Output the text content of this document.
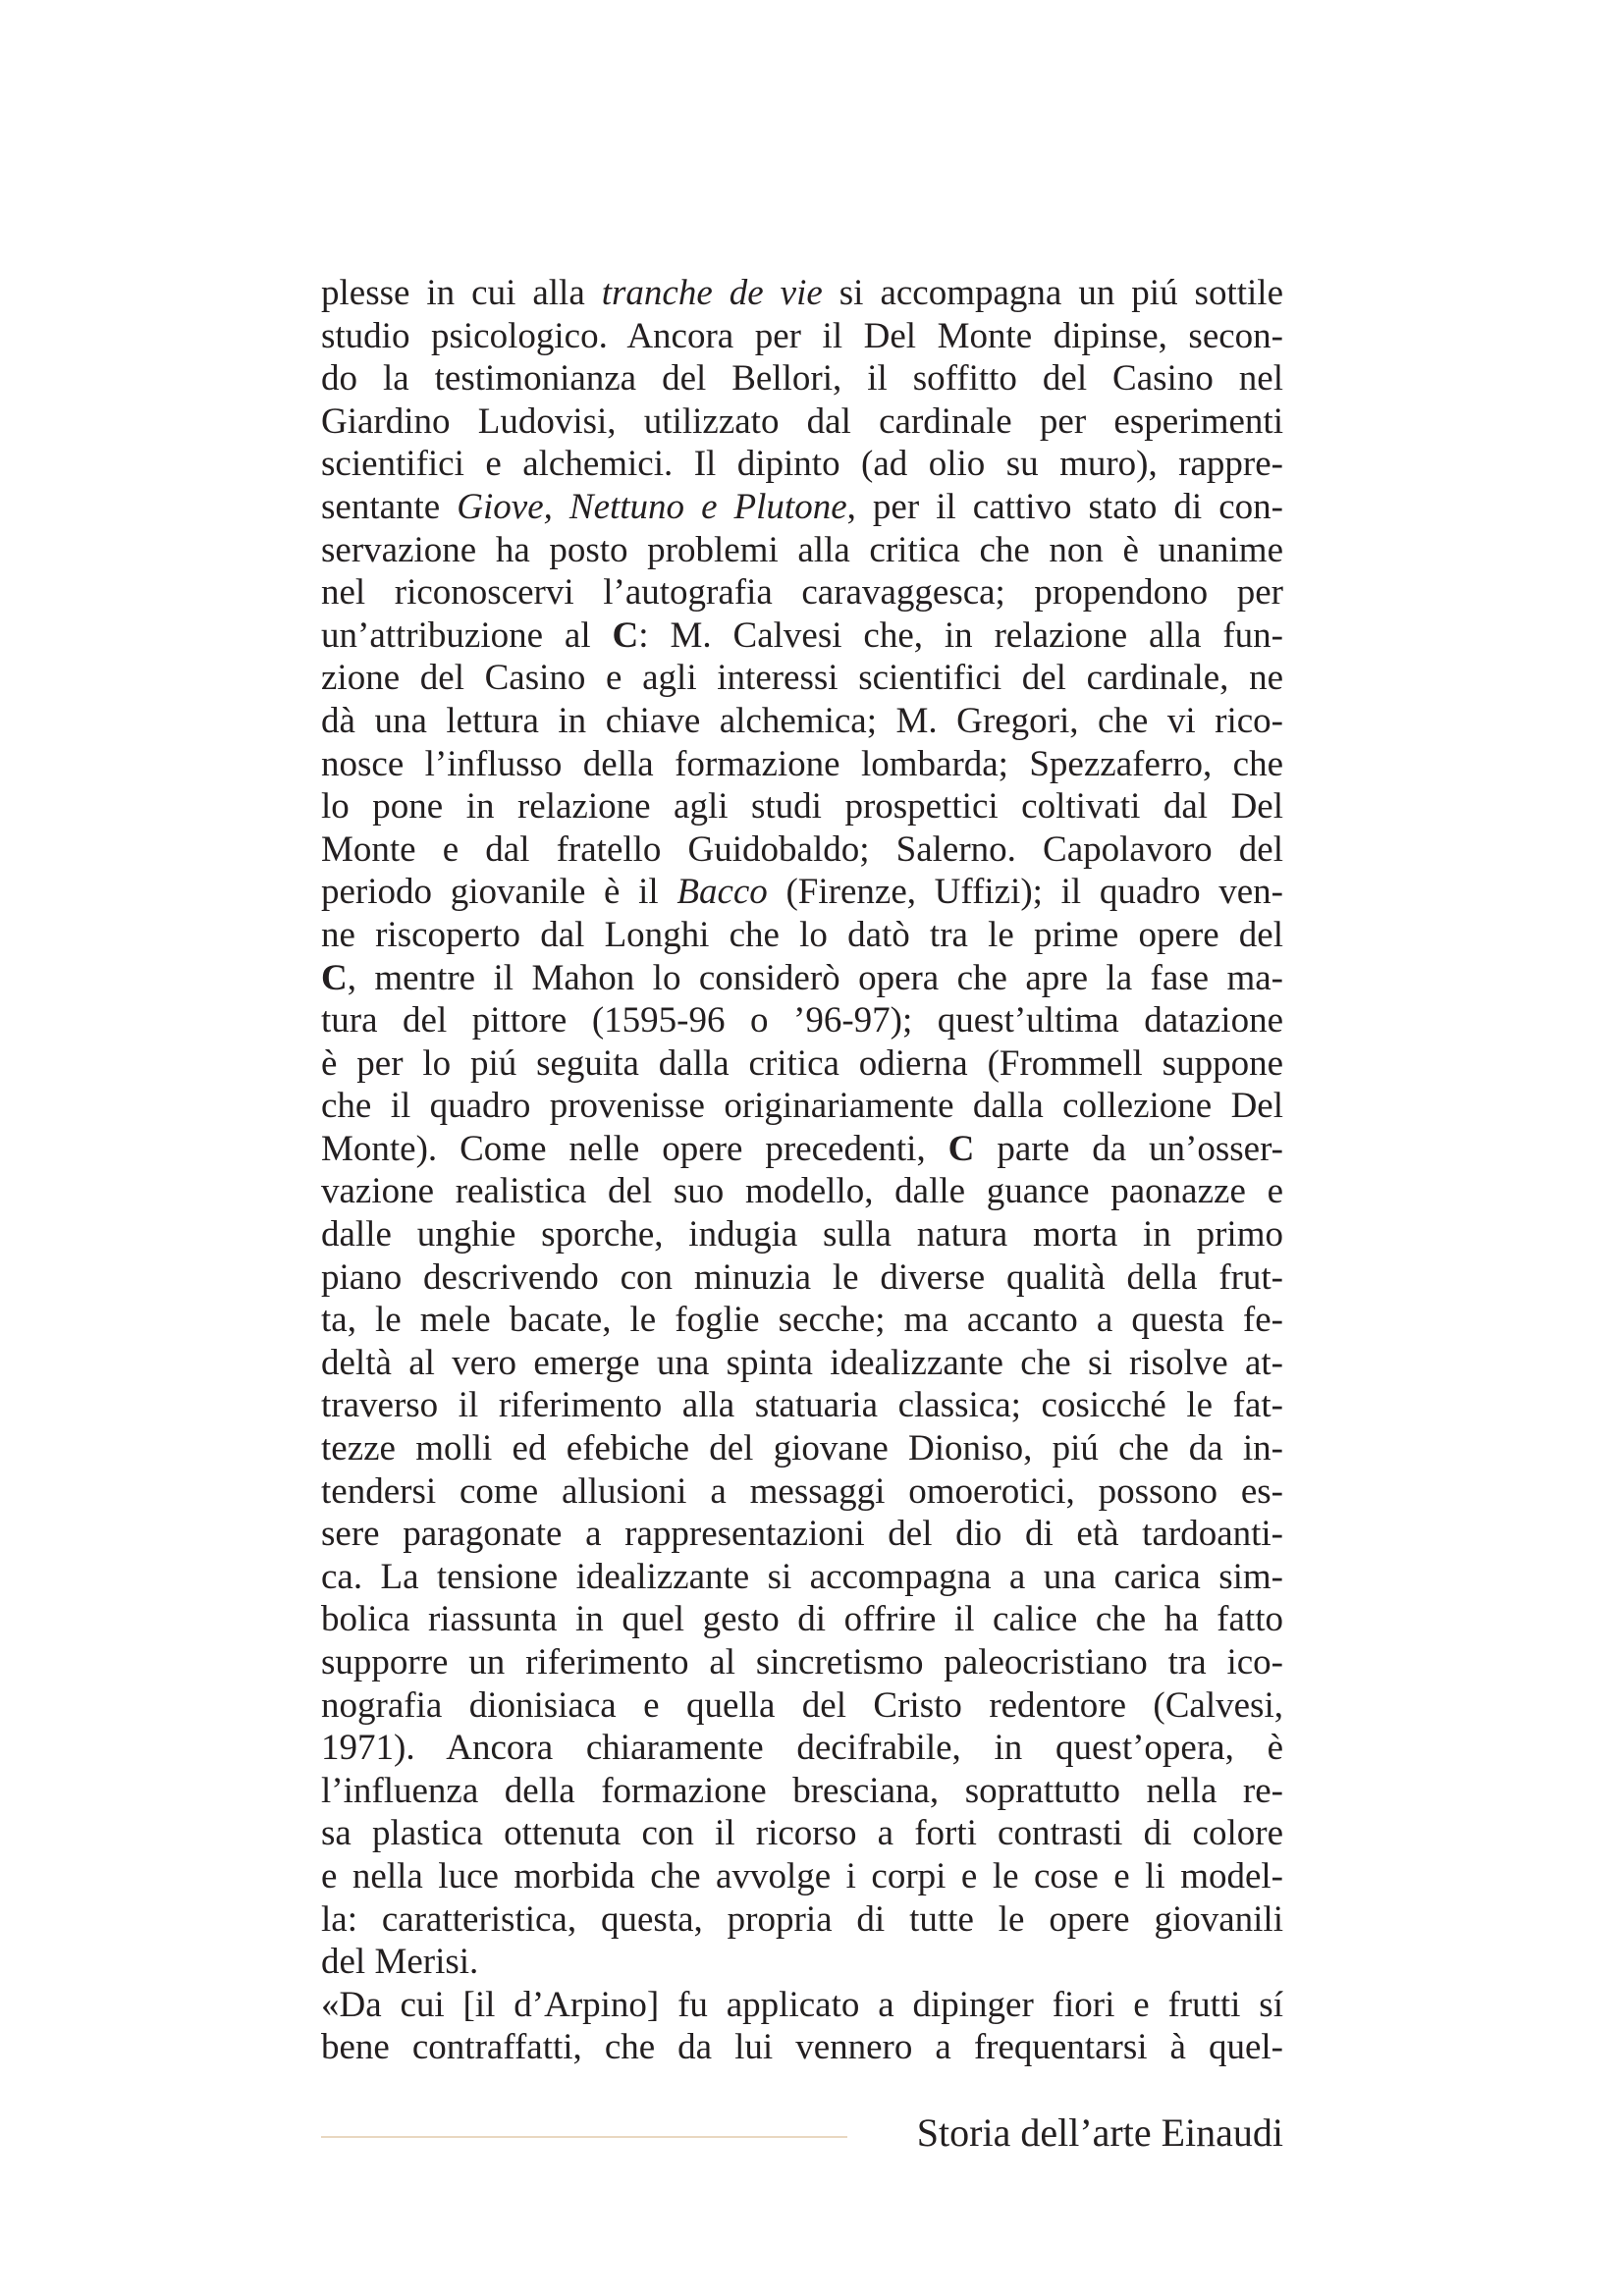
plesse in cui alla tranche de vie si accompagna un piú sottile
studio psicologico. Ancora per il Del Monte dipinse, secon-
do la testimonianza del Bellori, il soffitto del Casino nel
Giardino Ludovisi, utilizzato dal cardinale per esperimenti
scientifici e alchemici. Il dipinto (ad olio su muro), rappre-
sentante Giove, Nettuno e Plutone, per il cattivo stato di con-
servazione ha posto problemi alla critica che non è unanime
nel riconoscervi l’autografia caravaggesca; propendono per
un’attribuzione al C: M. Calvesi che, in relazione alla fun-
zione del Casino e agli interessi scientifici del cardinale, ne
dà una lettura in chiave alchemica; M. Gregori, che vi rico-
nosce l’influsso della formazione lombarda; Spezzaferro, che
lo pone in relazione agli studi prospettici coltivati dal Del
Monte e dal fratello Guidobaldo; Salerno. Capolavoro del
periodo giovanile è il Bacco (Firenze, Uffizi); il quadro ven-
ne riscoperto dal Longhi che lo datò tra le prime opere del
C, mentre il Mahon lo considerò opera che apre la fase ma-
tura del pittore (1595-96 o ’96-97); quest’ultima datazione
è per lo piú seguita dalla critica odierna (Frommell suppone
che il quadro provenisse originariamente dalla collezione Del
Monte). Come nelle opere precedenti, C parte da un’osser-
vazione realistica del suo modello, dalle guance paonazze e
dalle unghie sporche, indugia sulla natura morta in primo
piano descrivendo con minuzia le diverse qualità della frut-
ta, le mele bacate, le foglie secche; ma accanto a questa fe-
deltà al vero emerge una spinta idealizzante che si risolve at-
traverso il riferimento alla statuaria classica; cosicché le fat-
tezze molli ed efebiche del giovane Dioniso, piú che da in-
tendersi come allusioni a messaggi omoerotici, possono es-
sere paragonate a rappresentazioni del dio di età tardoanti-
ca. La tensione idealizzante si accompagna a una carica sim-
bolica riassunta in quel gesto di offrire il calice che ha fatto
supporre un riferimento al sincretismo paleocristiano tra ico-
nografia dionisiaca e quella del Cristo redentore (Calvesi,
1971). Ancora chiaramente decifrabile, in quest’opera, è
l’influenza della formazione bresciana, soprattutto nella re-
sa plastica ottenuta con il ricorso a forti contrasti di colore
e nella luce morbida che avvolge i corpi e le cose e li model-
la: caratteristica, questa, propria di tutte le opere giovanili
del Merisi.
«Da cui [il d’Arpino] fu applicato a dipinger fiori e frutti sí
bene contraffatti, che da lui vennero a frequentarsi à quel-
Storia dell’arte Einaudi
